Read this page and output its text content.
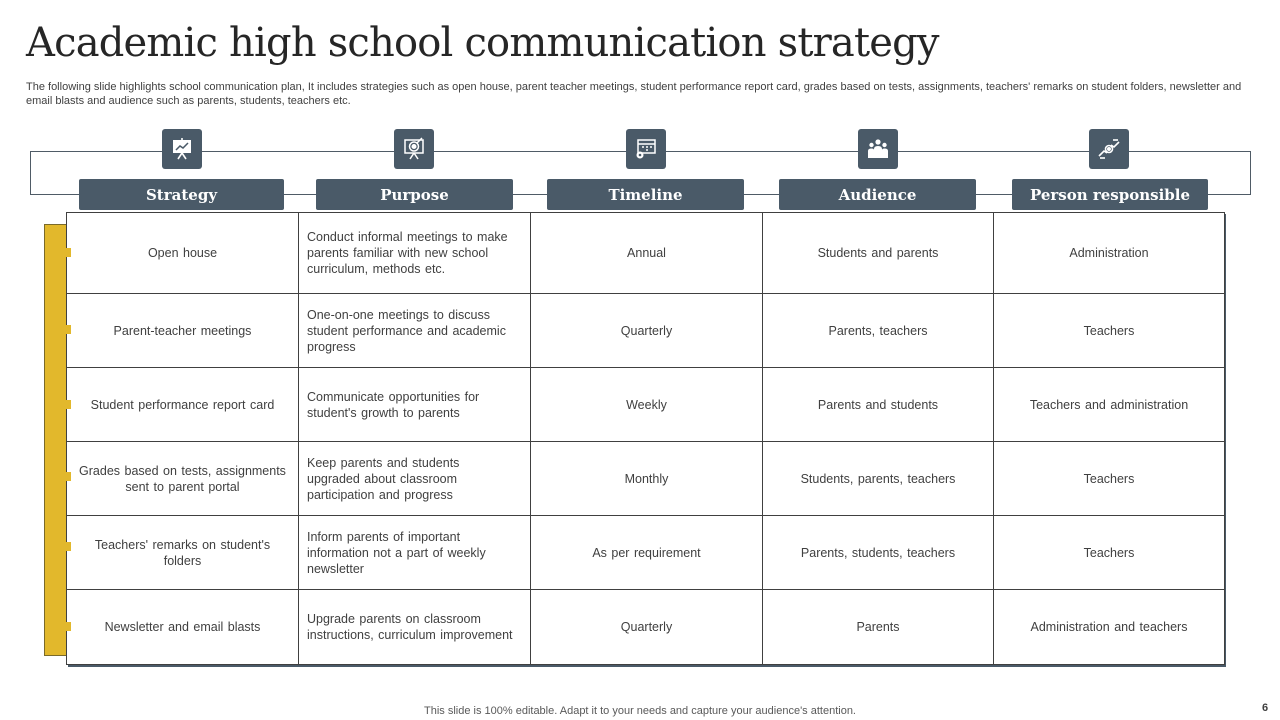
Academic high school communication strategy
The following slide highlights school communication plan, It includes strategies such as open house, parent teacher meetings, student performance report card, grades based on tests, assignments, teachers' remarks on student folders, newsletter and email blasts and audience such as parents, students, teachers etc.
Strategy	Purpose	Timeline	Audience	Person responsible
Open house	Conduct informal meetings to make parents familiar with new school curriculum, methods etc.	Annual	Students and parents	Administration
Parent-teacher meetings	One-on-one meetings to discuss student performance and academic progress	Quarterly	Parents, teachers	Teachers
Student performance report card	Communicate opportunities for student's growth to parents	Weekly	Parents and students	Teachers and administration
Grades based on tests, assignments sent to parent portal	Keep parents and students upgraded about classroom participation and progress	Monthly	Students, parents, teachers	Teachers
Teachers' remarks on student's folders	Inform parents of important information not a part of weekly newsletter	As per requirement	Parents, students, teachers	Teachers
Newsletter and email blasts	Upgrade parents on classroom instructions, curriculum improvement	Quarterly	Parents	Administration and teachers
This slide is 100% editable. Adapt it to your needs and capture your audience's attention.	6
